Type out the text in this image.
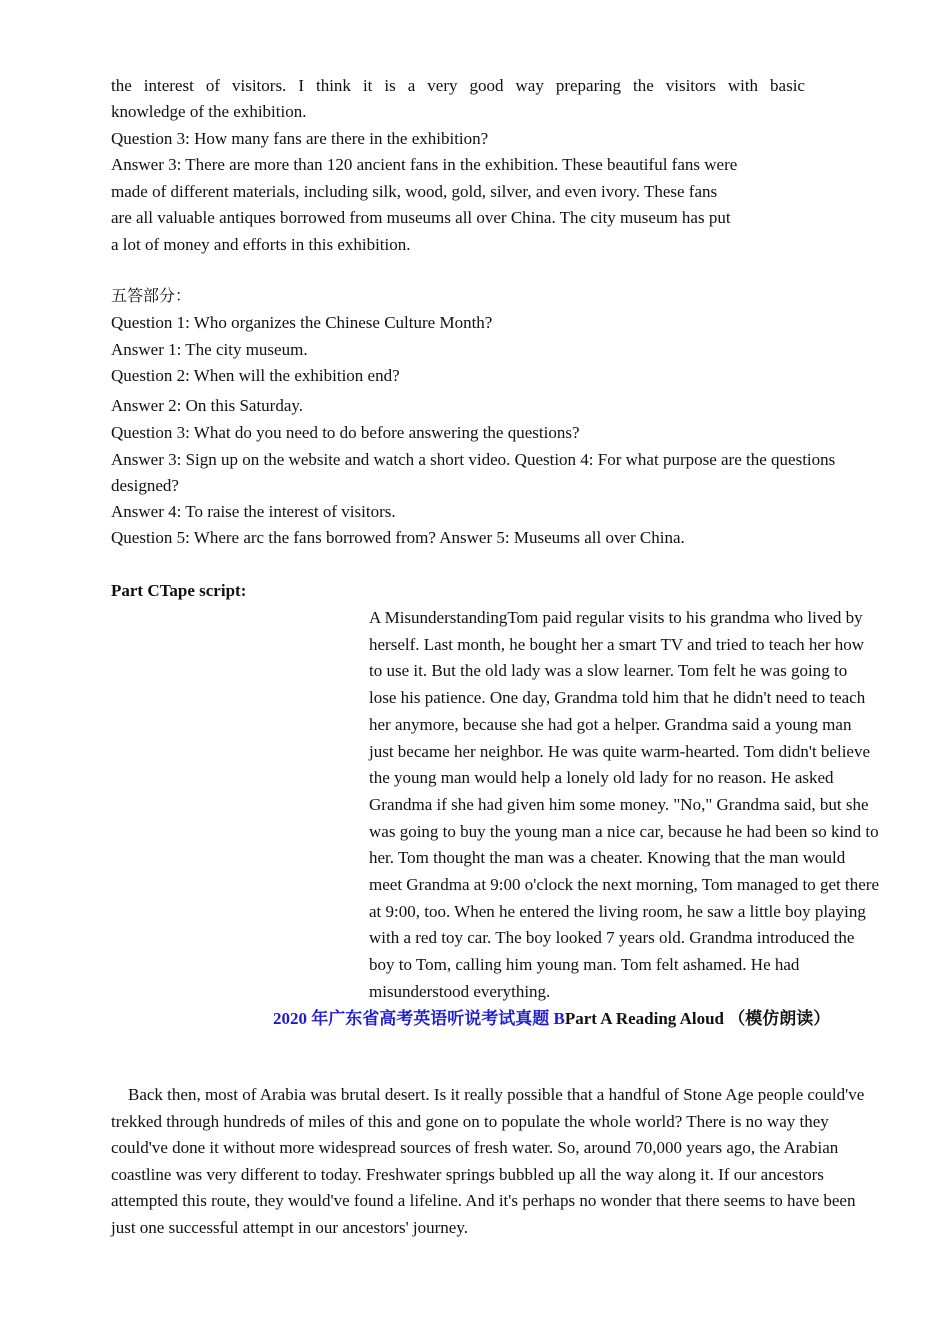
the interest of visitors. I think it is a very good way preparing the visitors with basic
knowledge of the exhibition.
Question 3: How many fans are there in the exhibition?
Answer 3: There are more than 120 ancient fans in the exhibition. These beautiful fans were
made of different materials, including silk, wood, gold, silver, and even ivory. These fans
are all valuable antiques borrowed from museums all over China. The city museum has put
a lot of money and efforts in this exhibition.
五答部分：
Question 1: Who organizes the Chinese Culture Month?
Answer 1: The city museum.
Question 2: When will the exhibition end?
Answer 2: On this Saturday.
Question 3: What do you need to do before answering the questions?
Answer 3: Sign up on the website and watch a short video. Question 4: For what purpose are the questions
designed?
Answer 4: To raise the interest of visitors.
Question 5: Where arc the fans borrowed from? Answer 5: Museums all over China.
Part CTape script:
A MisunderstandingTom paid regular visits to his grandma who lived by
herself. Last month, he bought her a smart TV and tried to teach her how
to use it. But the old lady was a slow learner. Tom felt he was going to
lose his patience. One day, Grandma told him that he didn't need to teach
her anymore, because she had got a helper. Grandma said a young man
just became her neighbor. He was quite warm-hearted. Tom didn't believe
the young man would help a lonely old lady for no reason. He asked
Grandma if she had given him some money. "No," Grandma said, but she
was going to buy the young man a nice car, because he had been so kind to
her. Tom thought the man was a cheater. Knowing that the man would
meet Grandma at 9:00 o'clock the next morning, Tom managed to get there
at 9:00, too. When he entered the living room, he saw a little boy playing
with a red toy car. The boy looked 7 years old. Grandma introduced the
boy to Tom, calling him young man. Tom felt ashamed. He had
misunderstood everything.
2020 年广东省高考英语听说考试真题 BPart A Reading Aloud （模仿朗读）
Back then, most of Arabia was brutal desert. Is it really possible that a handful of Stone Age people could've
trekked through hundreds of miles of this and gone on to populate the whole world? There is no way they
could've done it without more widespread sources of fresh water. So, around 70,000 years ago, the Arabian
coastline was very different to today. Freshwater springs bubbled up all the way along it. If our ancestors
attempted this route, they would've found a lifeline. And it's perhaps no wonder that there seems to have been
just one successful attempt in our ancestors' journey.
